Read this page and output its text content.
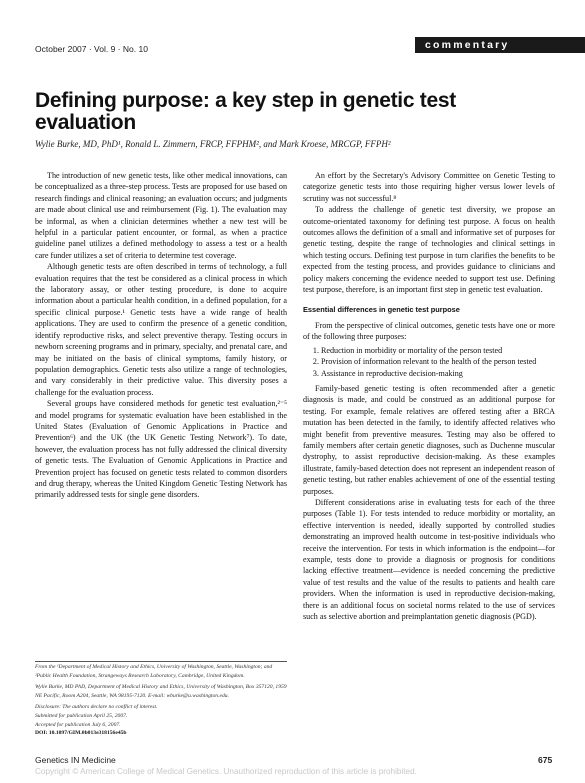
October 2007 · Vol. 9 · No. 10	commentary
Defining purpose: a key step in genetic test evaluation
Wylie Burke, MD, PhD¹, Ronald L. Zimmern, FRCP, FFPHM², and Mark Kroese, MRCGP, FFPH²

The introduction of new genetic tests, like other medical innovations, can be conceptualized as a three-step process. Tests are proposed for use based on research findings and clinical reasoning; an evaluation occurs; and judgments are made about clinical use and reimbursement (Fig. 1). The evaluation may be informal, as when a clinician determines whether a new test will be helpful in a particular patient encounter, or formal, as when a practice guideline panel utilizes a defined methodology to assess a test or a health care funder utilizes a set of criteria to determine test coverage.

Although genetic tests are often described in terms of technology, a full evaluation requires that the test be considered as a clinical process in which the laboratory assay, or other testing procedure, is done to acquire information about a particular health condition, in a defined population, for a specific clinical purpose.¹ Genetic tests have a wide range of health applications. They are used to confirm the presence of a genetic condition, identify reproductive risks, and select preventive therapy. Testing occurs in newborn screening programs and in primary, specialty, and prenatal care, and may be initiated on the basis of clinical symptoms, family history, or population demographics. Genetic tests also utilize a range of technologies, and vary considerably in their predictive value. This diversity poses a challenge for the evaluation process.

Several groups have considered methods for genetic test evaluation,²⁻⁵ and model programs for systematic evaluation have been established in the United States (Evaluation of Genomic Applications in Practice and Prevention⁶) and the UK (the UK Genetic Testing Network⁷). To date, however, the evaluation process has not fully addressed the clinical diversity of genetic tests. The Evaluation of Genomic Applications in Practice and Prevention project has focused on genetic tests related to common disorders and drug therapy, whereas the United Kingdom Genetic Testing Network has primarily addressed tests for single gene disorders.

From the ¹Department of Medical History and Ethics, University of Washington, Seattle, Washington; and ²Public Health Foundation, Strangeways Research Laboratory, Cambridge, United Kingdom.
Wylie Burke, MD PhD, Department of Medical History and Ethics, University of Washington, Box 357120, 1959 NE Pacific, Room A204, Seattle, WA 98195-7120. E-mail: wburke@u.washington.edu.
Disclosure: The authors declare no conflict of interest.
Submitted for publication April 25, 2007.
Accepted for publication July 6, 2007.
DOI: 10.1097/GIM.0b013e318156e45b

An effort by the Secretary's Advisory Committee on Genetic Testing to categorize genetic tests into those requiring higher versus lower levels of scrutiny was not successful.⁸

To address the challenge of genetic test diversity, we propose an outcome-orientated taxonomy for defining test purpose. A focus on health outcomes allows the definition of a small and informative set of purposes for genetic testing, despite the range of technologies and clinical settings in which testing occurs. Defining test purpose in turn clarifies the benefits to be expected from the testing process, and provides guidance to clinicians and policy makers concerning the evidence needed to support test use. Defining test purpose, therefore, is an important first step in genetic test evaluation.

Essential differences in genetic test purpose

From the perspective of clinical outcomes, genetic tests have one or more of the following three purposes:

1. Reduction in morbidity or mortality of the person tested
2. Provision of information relevant to the health of the person tested
3. Assistance in reproductive decision-making

Family-based genetic testing is often recommended after a genetic diagnosis is made, and could be construed as an additional purpose for testing. For example, female relatives are offered testing after a BRCA mutation has been detected in the family, to identify affected relatives who might benefit from preventive measures. Testing may also be offered to family members after certain genetic diagnoses, such as Duchenne muscular dystrophy, to assist reproductive decision-making. As these examples illustrate, family-based detection does not represent an independent reason of genetic testing, but rather enables achievement of one of the essential testing purposes.

Different considerations arise in evaluating tests for each of the three purposes (Table 1). For tests intended to reduce morbidity or mortality, an effective intervention is needed, ideally supported by controlled studies demonstrating an improved health outcome in test-positive individuals who receive the intervention. For tests in which information is the endpoint—for example, tests done to provide a diagnosis or prognosis for conditions lacking effective treatment—evidence is needed concerning the predictive value of test results and the value of the results to patients and health care providers. When the information is used in reproductive decision-making, there is an additional focus on societal norms related to the use of services such as selective abortion and preimplantation genetic diagnosis (PGD).

Genetics IN Medicine	675
Copyright © American College of Medical Genetics. Unauthorized reproduction of this article is prohibited.
